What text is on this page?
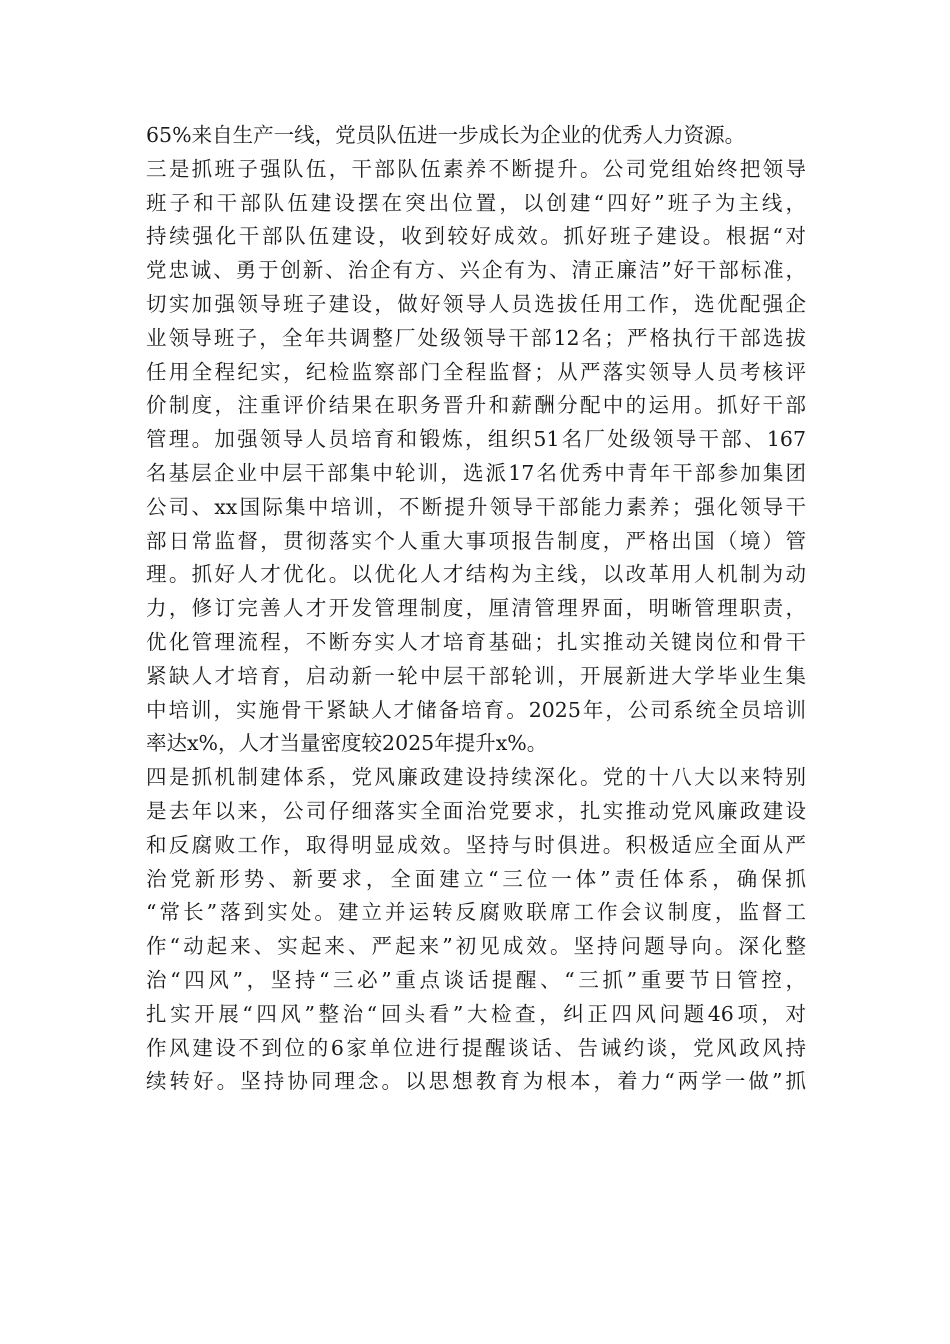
65%来自生产一线，党员队伍进一步成长为企业的优秀人力资源。
三是抓班子强队伍，干部队伍素养不断提升。公司党组始终把领导
班子和干部队伍建设摆在突出位置，以创建“四好”班子为主线，
持续强化干部队伍建设，收到较好成效。抓好班子建设。根据“对
党忠诚、勇于创新、治企有方、兴企有为、清正廉洁”好干部标准，
切实加强领导班子建设，做好领导人员选拔任用工作，选优配强企
业领导班子，全年共调整厂处级领导干部12名；严格执行干部选拔
任用全程纪实，纪检监察部门全程监督；从严落实领导人员考核评
价制度，注重评价结果在职务晋升和薪酬分配中的运用。抓好干部
管理。加强领导人员培育和锻炼，组织51名厂处级领导干部、167
名基层企业中层干部集中轮训，选派17名优秀中青年干部参加集团
公司、xx国际集中培训，不断提升领导干部能力素养；强化领导干
部日常监督，贯彻落实个人重大事项报告制度，严格出国（境）管
理。抓好人才优化。以优化人才结构为主线，以改革用人机制为动
力，修订完善人才开发管理制度，厘清管理界面，明晰管理职责，
优化管理流程，不断夯实人才培育基础；扎实推动关键岗位和骨干
紧缺人才培育，启动新一轮中层干部轮训，开展新进大学毕业生集
中培训，实施骨干紧缺人才储备培育。2025年，公司系统全员培训
率达x%，人才当量密度较2025年提升x%。
四是抓机制建体系，党风廉政建设持续深化。党的十八大以来特别
是去年以来，公司仔细落实全面治党要求，扎实推动党风廉政建设
和反腐败工作，取得明显成效。坚持与时俱进。积极适应全面从严
治党新形势、新要求，全面建立“三位一体”责任体系，确保抓
“常长”落到实处。建立并运转反腐败联席工作会议制度，监督工
作“动起来、实起来、严起来”初见成效。坚持问题导向。深化整
治“四风”，坚持“三必”重点谈话提醒、“三抓”重要节日管控，
扎实开展“四风”整治“回头看”大检查，纠正四风问题46项，对
作风建设不到位的6家单位进行提醒谈话、告诫约谈，党风政风持
续转好。坚持协同理念。以思想教育为根本，着力“两学一做”抓
